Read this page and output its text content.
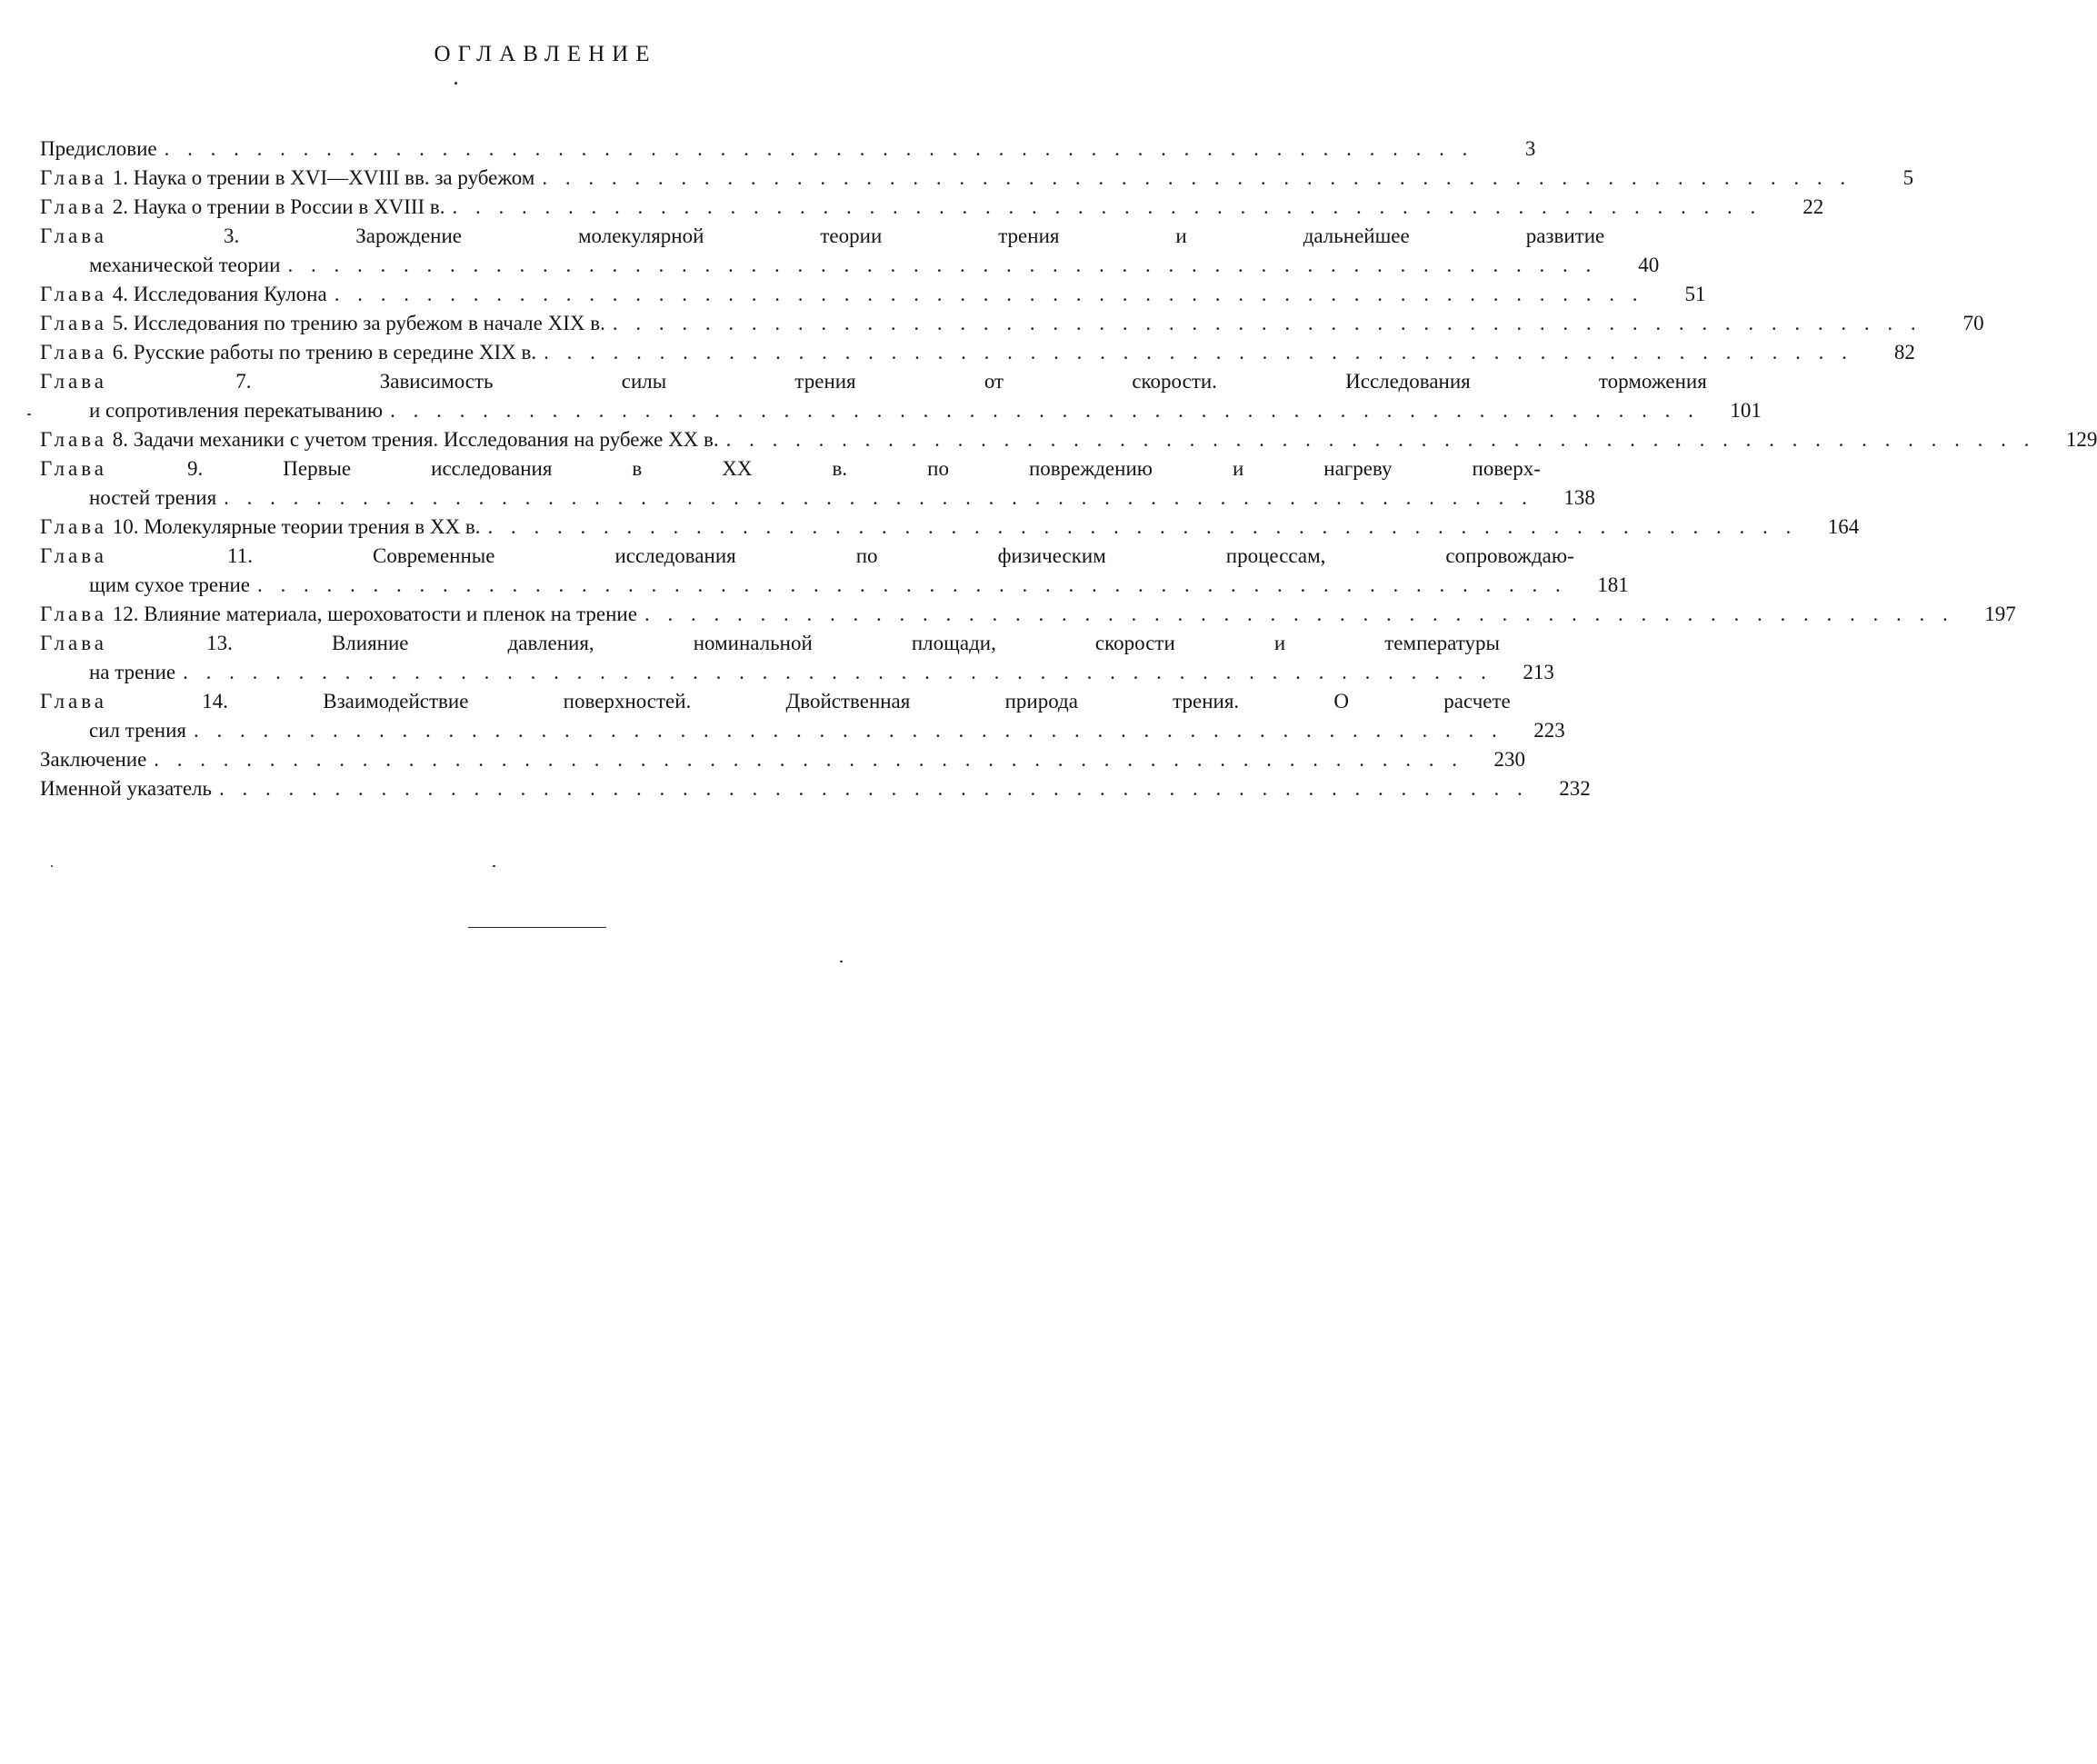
ОГЛАВЛЕНИЕ
Предисловие . . . . . . . . . . . . . . . . . . . . . . . . . . . . . . . . . . . . . . . . . . . . . . . . . . . . . . . . .	3
Глава 1. Наука о трении в XVI—XVIII вв. за рубежом . . . . . . . . . . . . . . . . . . . . . . . . . . . . . . . . . . . . . . . . . . . . . . . . . . . . . . . . .	5
Глава 2. Наука о трении в России в XVIII в. . . . . . . . . . . . . . . . . . . . . . . . . . . . . . . . . . . . . . . . . . . . . . . . . . . . . . . . . .	22
Глава	3. Зарождение молекулярной теории трения и дальнейшее развитие
механической теории . . . . . . . . . . . . . . . . . . . . . . . . . . . . . . . . . . . . . . . . . . . . . . . . . . . . . . . . .	40
Глава 4. Исследования Кулона . . . . . . . . . . . . . . . . . . . . . . . . . . . . . . . . . . . . . . . . . . . . . . . . . . . . . . . . .	51
Глава 5. Исследования по трению за рубежом в начале XIX в. . . . . . . . . . . . . . . . . . . . . . . . . . . . . . . . . . . . . . . . . . . . . . . . . . . . . . . . . .	70
Глава 6. Русские работы по трению в середине XIX в. . . . . . . . . . . . . . . . . . . . . . . . . . . . . . . . . . . . . . . . . . . . . . . . . . . . . . . . . .	82
Глава	7. Зависимость силы трения от скорости. Исследования торможения
и сопротивления перекатыванию . . . . . . . . . . . . . . . . . . . . . . . . . . . . . . . . . . . . . . . . . . . . . . . . . . . . . . . . .	101
Глава 8. Задачи механики с учетом трения. Исследования на рубеже XX в. . . . . . . . . . . . . . . . . . . . . . . . . . . . . . . . . . . . . . . . . . . . . . . . . . . . . . . . . .	129
Глава	9. Первые исследования в XX в. по повреждению и нагреву поверх-
ностей трения . . . . . . . . . . . . . . . . . . . . . . . . . . . . . . . . . . . . . . . . . . . . . . . . . . . . . . . . .	138
Глава 10. Молекулярные теории трения в XX в. . . . . . . . . . . . . . . . . . . . . . . . . . . . . . . . . . . . . . . . . . . . . . . . . . . . . . . . . .	164
Глава	11. Современные исследования по физическим процессам, сопровождаю-
щим сухое трение . . . . . . . . . . . . . . . . . . . . . . . . . . . . . . . . . . . . . . . . . . . . . . . . . . . . . . . . .	181
Глава 12. Влияние материала, шероховатости и пленок на трение . . . . . . . . . . . . . . . . . . . . . . . . . . . . . . . . . . . . . . . . . . . . . . . . . . . . . . . . .	197
Глава	13. Влияние давления, номинальной площади, скорости и температуры
на трение . . . . . . . . . . . . . . . . . . . . . . . . . . . . . . . . . . . . . . . . . . . . . . . . . . . . . . . . .	213
Глава	14. Взаимодействие поверхностей. Двойственная природа трения. О расчете
сил трения . . . . . . . . . . . . . . . . . . . . . . . . . . . . . . . . . . . . . . . . . . . . . . . . . . . . . . . . .	223
Заключение . . . . . . . . . . . . . . . . . . . . . . . . . . . . . . . . . . . . . . . . . . . . . . . . . . . . . . . . .	230
Именной указатель . . . . . . . . . . . . . . . . . . . . . . . . . . . . . . . . . . . . . . . . . . . . . . . . . . . . . . . . .	232
